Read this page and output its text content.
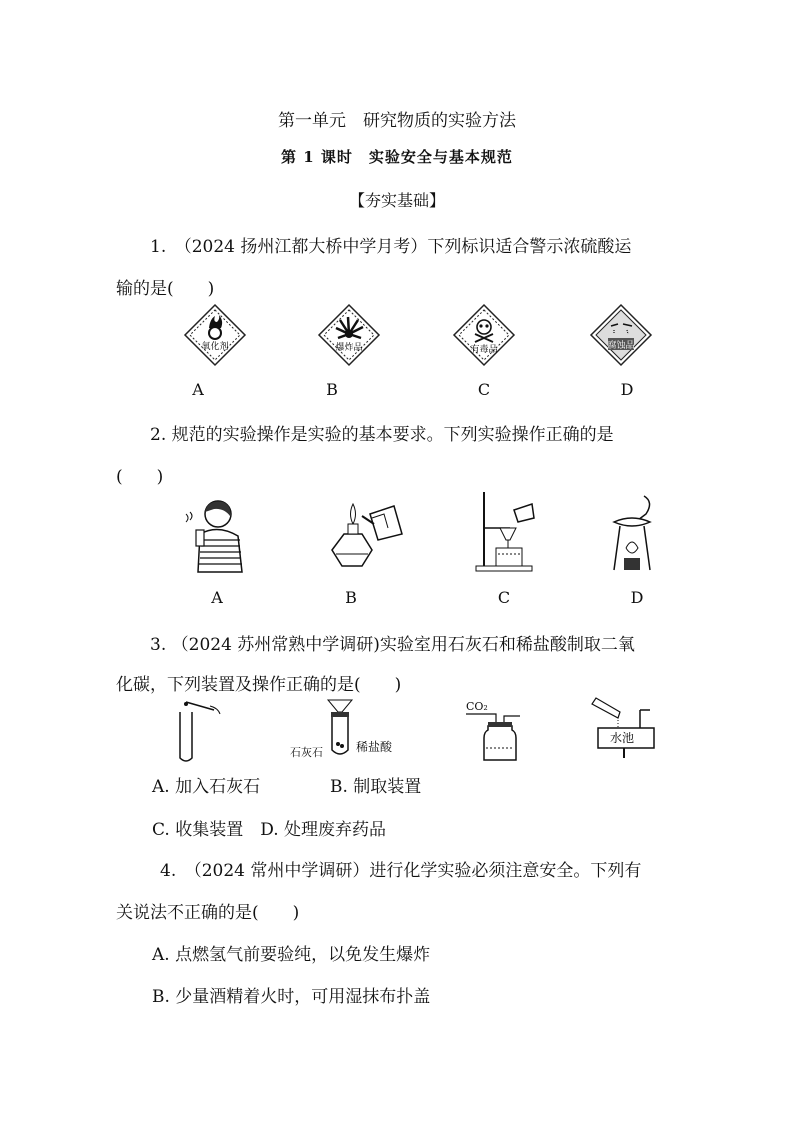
第一单元　研究物质的实验方法
第 1 课时　实验安全与基本规范
【夯实基础】
1.　（2024 扬州江都大桥中学月考）下列标识适合警示浓硫酸运
输的是(　　)
氧化剂	爆炸品	有毒品	腐蚀品
A	B	C	D
2. 规范的实验操作是实验的基本要求。下列实验操作正确的是
(　　)
A	B	C	D
3. （2024 苏州常熟中学调研)实验室用石灰石和稀盐酸制取二氧
化碳，下列装置及操作正确的是(　　)
石灰石	稀盐酸
CO₂
水池
A. 加入石灰石	B. 制取装置
C. 收集装置　D. 处理废弃药品
4.　（2024 常州中学调研）进行化学实验必须注意安全。下列有
关说法不正确的是(　　)
A. 点燃氢气前要验纯，以免发生爆炸
B. 少量酒精着火时，可用湿抹布扑盖
